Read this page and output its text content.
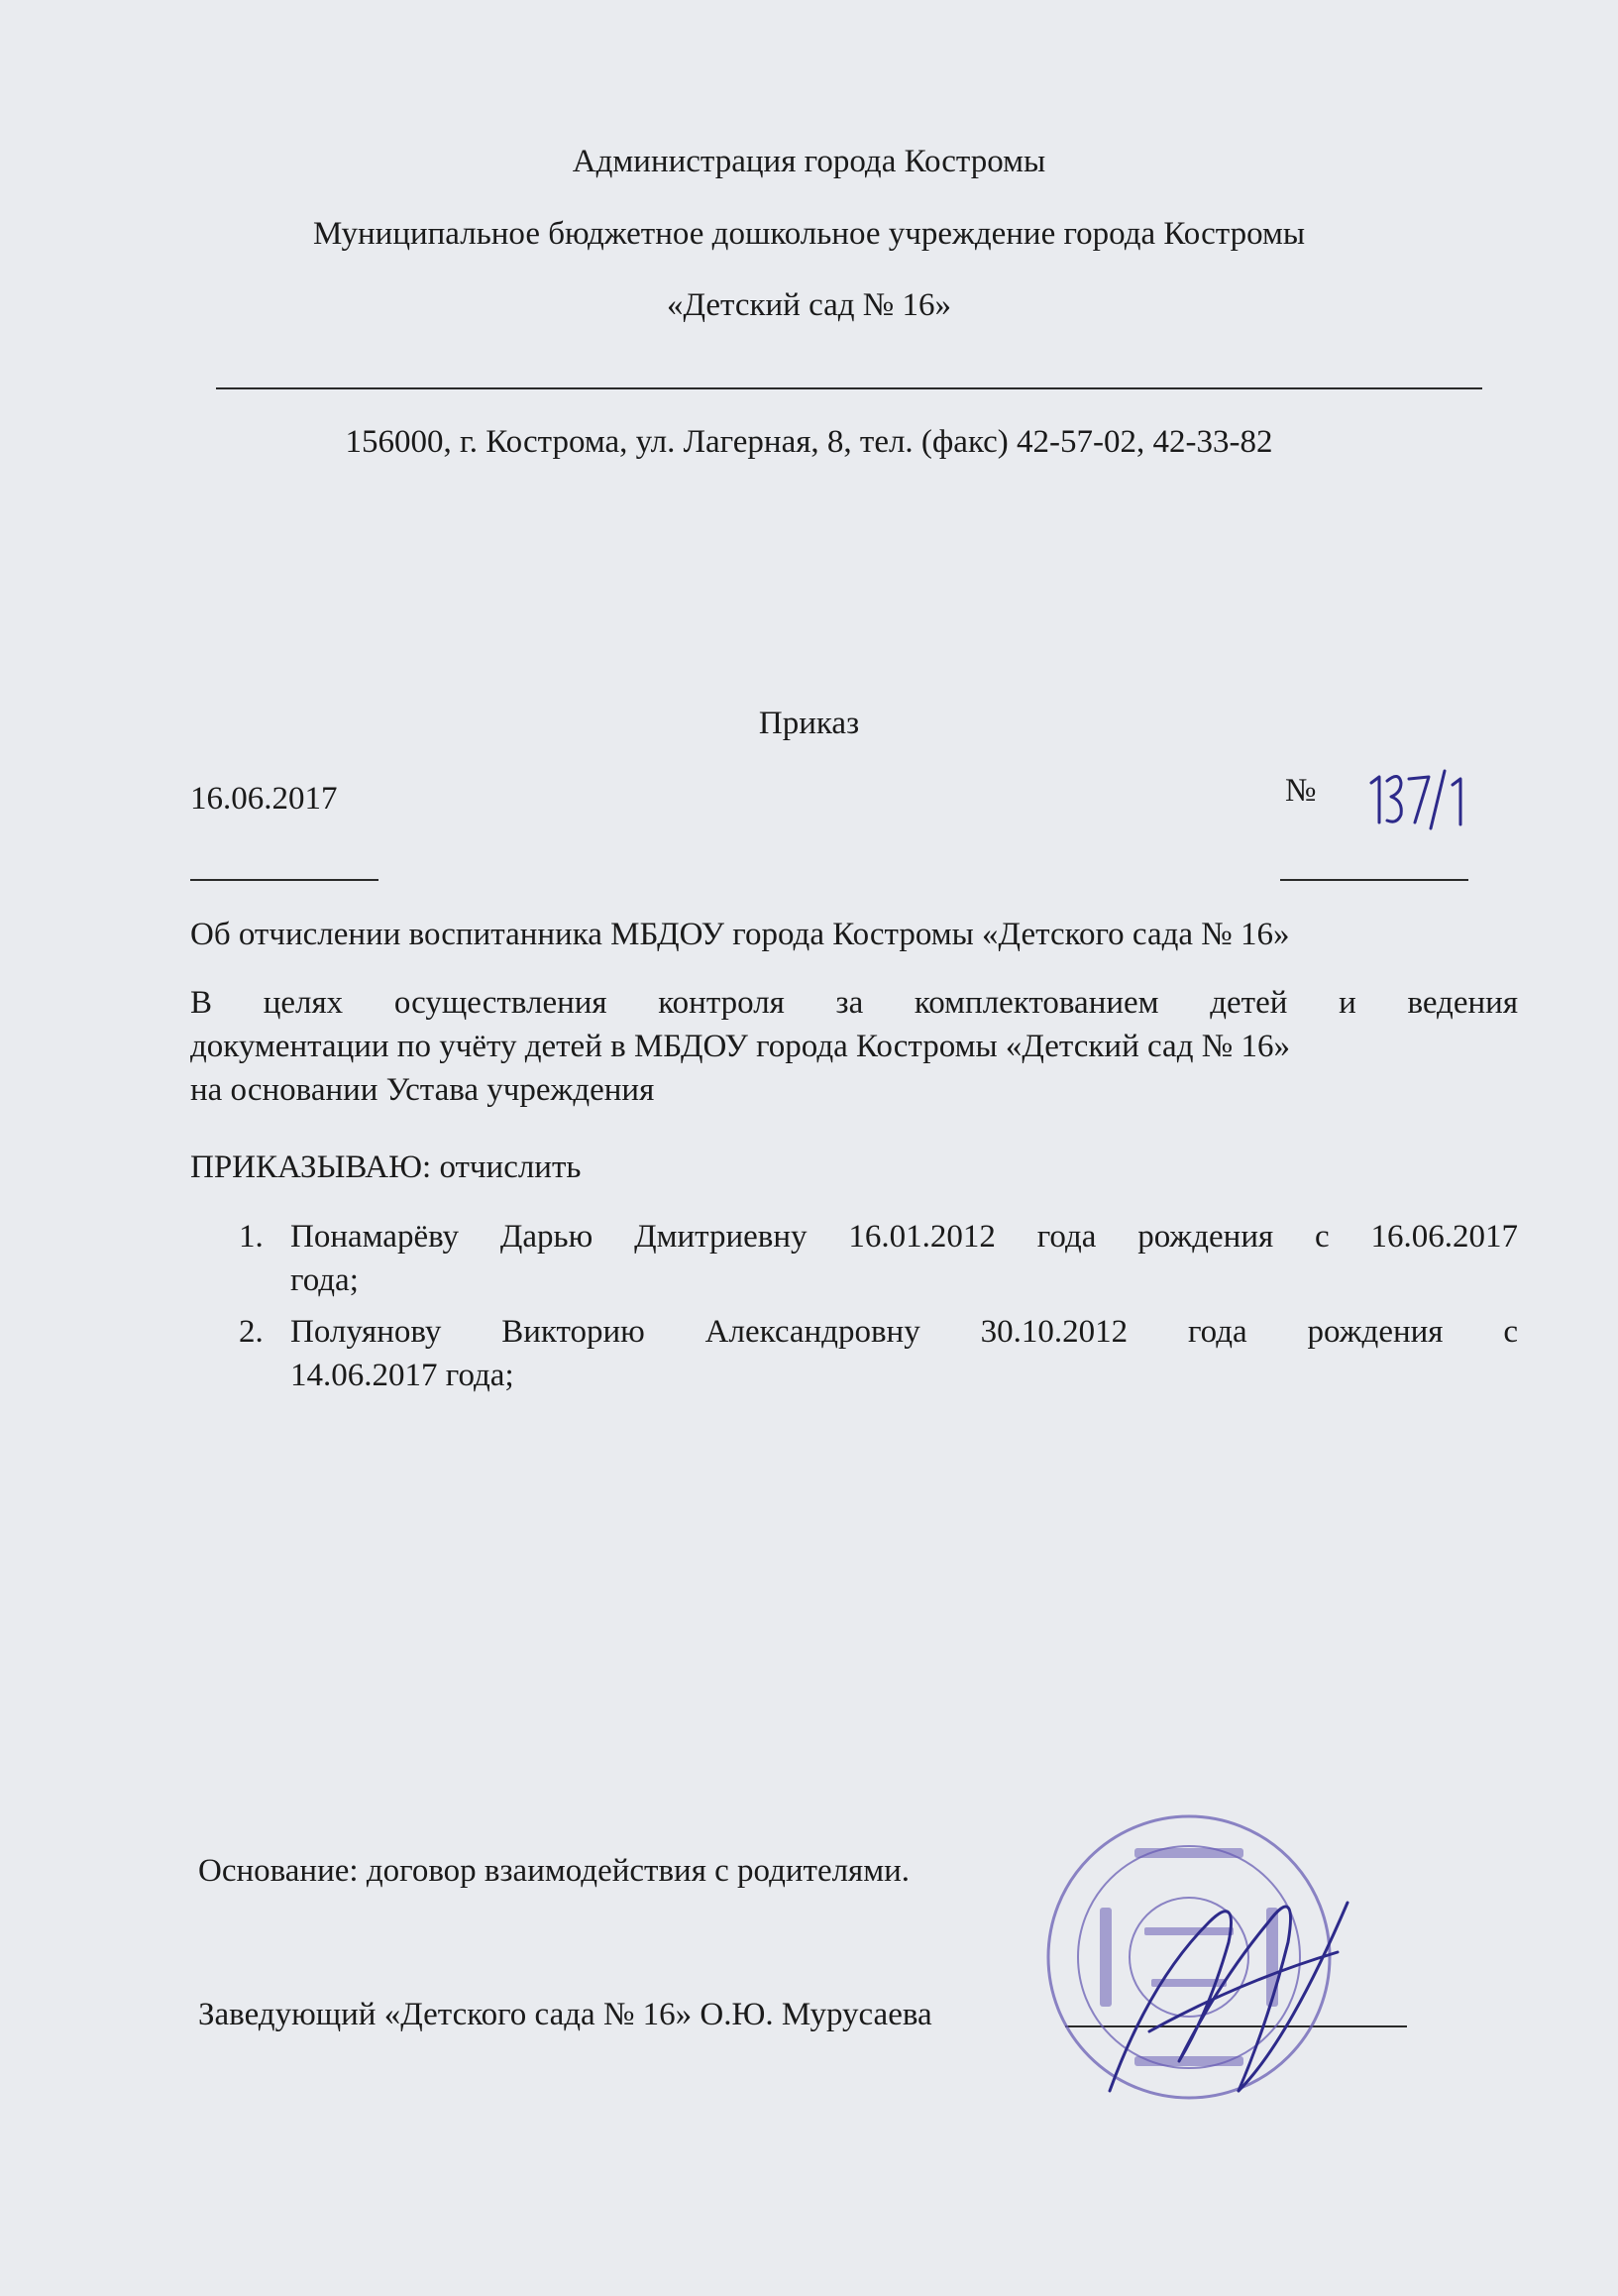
Администрация города Костромы
Муниципальное бюджетное дошкольное учреждение города Костромы
«Детский сад № 16»
156000, г. Кострома, ул. Лагерная, 8, тел. (факс) 42-57-02, 42-33-82
Приказ
16.06.2017	№
Об отчислении воспитанника МБДОУ города Костромы «Детского сада № 16»
В целях осуществления контроля за комплектованием детей и ведения
документации по учёту детей в МБДОУ города Костромы «Детский сад № 16»
на основании Устава учреждения
ПРИКАЗЫВАЮ: отчислить
1. Понамарёву Дарью Дмитриевну 16.01.2012 года рождения с 16.06.2017
года;
2. Полуянову Викторию Александровну 30.10.2012 года рождения с
14.06.2017 года;
Основание: договор взаимодействия с родителями.
Заведующий «Детского сада № 16» О.Ю. Мурусаева
